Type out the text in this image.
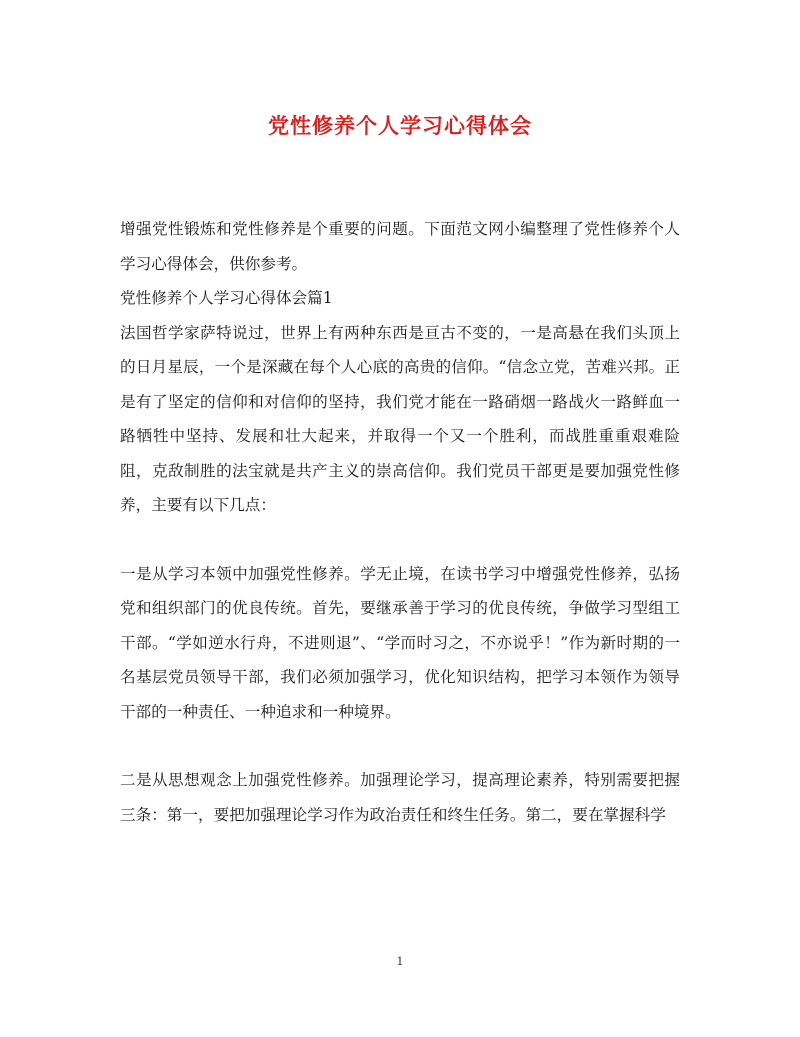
党性修养个人学习心得体会

增强党性锻炼和党性修养是个重要的问题。下面范文网小编整理了党性修养个人学习心得体会，供你参考。

党性修养个人学习心得体会篇1

法国哲学家萨特说过，世界上有两种东西是亘古不变的，一是高悬在我们头顶上的日月星辰，一个是深藏在每个人心底的高贵的信仰。“信念立党，苦难兴邦。正是有了坚定的信仰和对信仰的坚持，我们党才能在一路硝烟一路战火一路鲜血一路牺牲中坚持、发展和壮大起来，并取得一个又一个胜利，而战胜重重艰难险阻，克敌制胜的法宝就是共产主义的崇高信仰。我们党员干部更是要加强党性修养，主要有以下几点：

一是从学习本领中加强党性修养。学无止境，在读书学习中增强党性修养，弘扬党和组织部门的优良传统。首先，要继承善于学习的优良传统，争做学习型组工干部。“学如逆水行舟，不进则退”、“学而时习之，不亦说乎！”作为新时期的一名基层党员领导干部，我们必须加强学习，优化知识结构，把学习本领作为领导干部的一种责任、一种追求和一种境界。

二是从思想观念上加强党性修养。加强理论学习，提高理论素养，特别需要把握三条：第一，要把加强理论学习作为政治责任和终生任务。第二，要在掌握科学

1
